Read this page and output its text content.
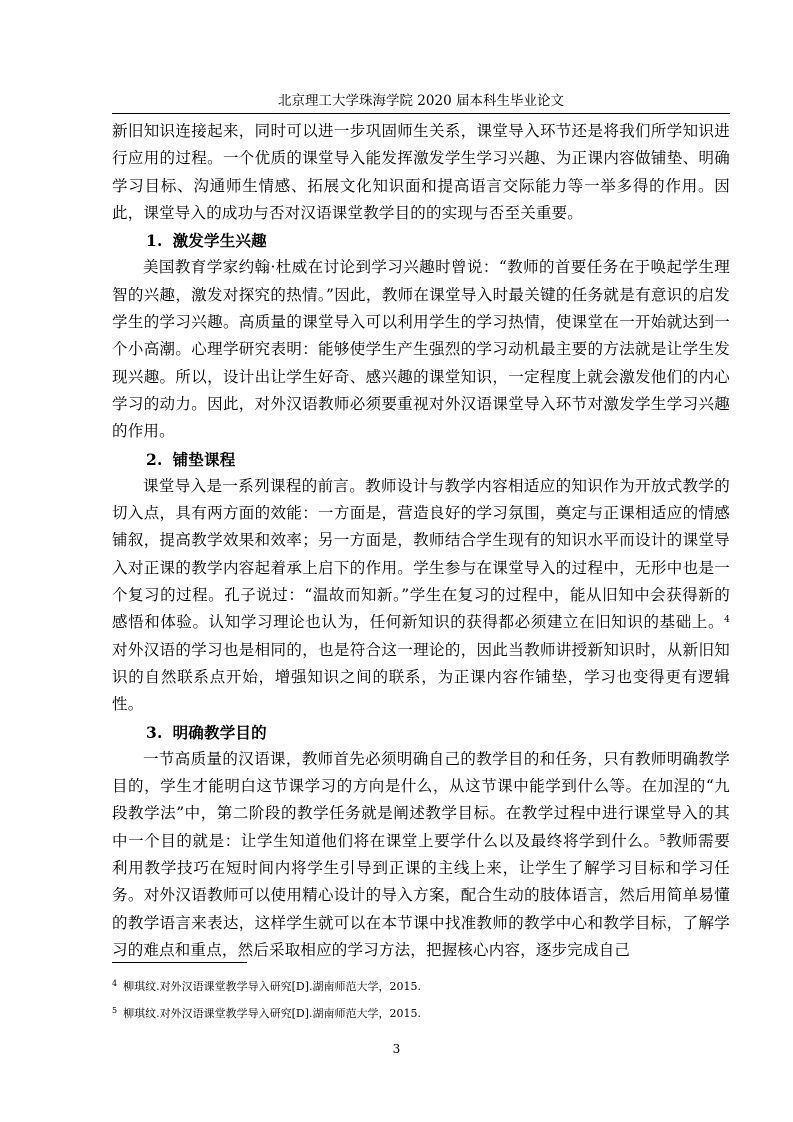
北京理工大学珠海学院 2020 届本科生毕业论文

新旧知识连接起来，同时可以进一步巩固师生关系，课堂导入环节还是将我们所学知识进行应用的过程。一个优质的课堂导入能发挥激发学生学习兴趣、为正课内容做铺垫、明确学习目标、沟通师生情感、拓展文化知识面和提高语言交际能力等一举多得的作用。因此，课堂导入的成功与否对汉语课堂教学目的的实现与否至关重要。

1. 激发学生兴趣

美国教育学家约翰·杜威在讨论到学习兴趣时曾说：“教师的首要任务在于唤起学生理智的兴趣，激发对探究的热情。”因此，教师在课堂导入时最关键的任务就是有意识的启发学生的学习兴趣。高质量的课堂导入可以利用学生的学习热情，使课堂在一开始就达到一个小高潮。心理学研究表明：能够使学生产生强烈的学习动机最主要的方法就是让学生发现兴趣。所以，设计出让学生好奇、感兴趣的课堂知识，一定程度上就会激发他们的内心学习的动力。因此，对外汉语教师必须要重视对外汉语课堂导入环节对激发学生学习兴趣的作用。

2. 铺垫课程

课堂导入是一系列课程的前言。教师设计与教学内容相适应的知识作为开放式教学的切入点，具有两方面的效能：一方面是，营造良好的学习氛围，奠定与正课相适应的情感铺叙，提高教学效果和效率；另一方面是，教师结合学生现有的知识水平而设计的课堂导入对正课的教学内容起着承上启下的作用。学生参与在课堂导入的过程中，无形中也是一个复习的过程。孔子说过：“温故而知新。”学生在复习的过程中，能从旧知中会获得新的感悟和体验。认知学习理论也认为，任何新知识的获得都必须建立在旧知识的基础上。$^4$对外汉语的学习也是相同的，也是符合这一理论的，因此当教师讲授新知识时，从新旧知识的自然联系点开始，增强知识之间的联系，为正课内容作铺垫，学习也变得更有逻辑性。

3. 明确教学目的

一节高质量的汉语课，教师首先必须明确自己的教学目的和任务，只有教师明确教学目的，学生才能明白这节课学习的方向是什么，从这节课中能学到什么等。在加涅的“九段教学法”中，第二阶段的教学任务就是阐述教学目标。在教学过程中进行课堂导入的其中一个目的就是：让学生知道他们将在课堂上要学什么以及最终将学到什么。$^5$教师需要利用教学技巧在短时间内将学生引导到正课的主线上来，让学生了解学习目标和学习任务。对外汉语教师可以使用精心设计的导入方案，配合生动的肢体语言，然后用简单易懂的教学语言来表达，这样学生就可以在本节课中找准教师的教学中心和教学目标，了解学习的难点和重点，然后采取相应的学习方法，把握核心内容，逐步完成自己

$^4$ 柳琪纹.对外汉语课堂教学导入研究[D].湖南师范大学，2015.
$^5$ 柳琪纹.对外汉语课堂教学导入研究[D].湖南师范大学，2015.
3
